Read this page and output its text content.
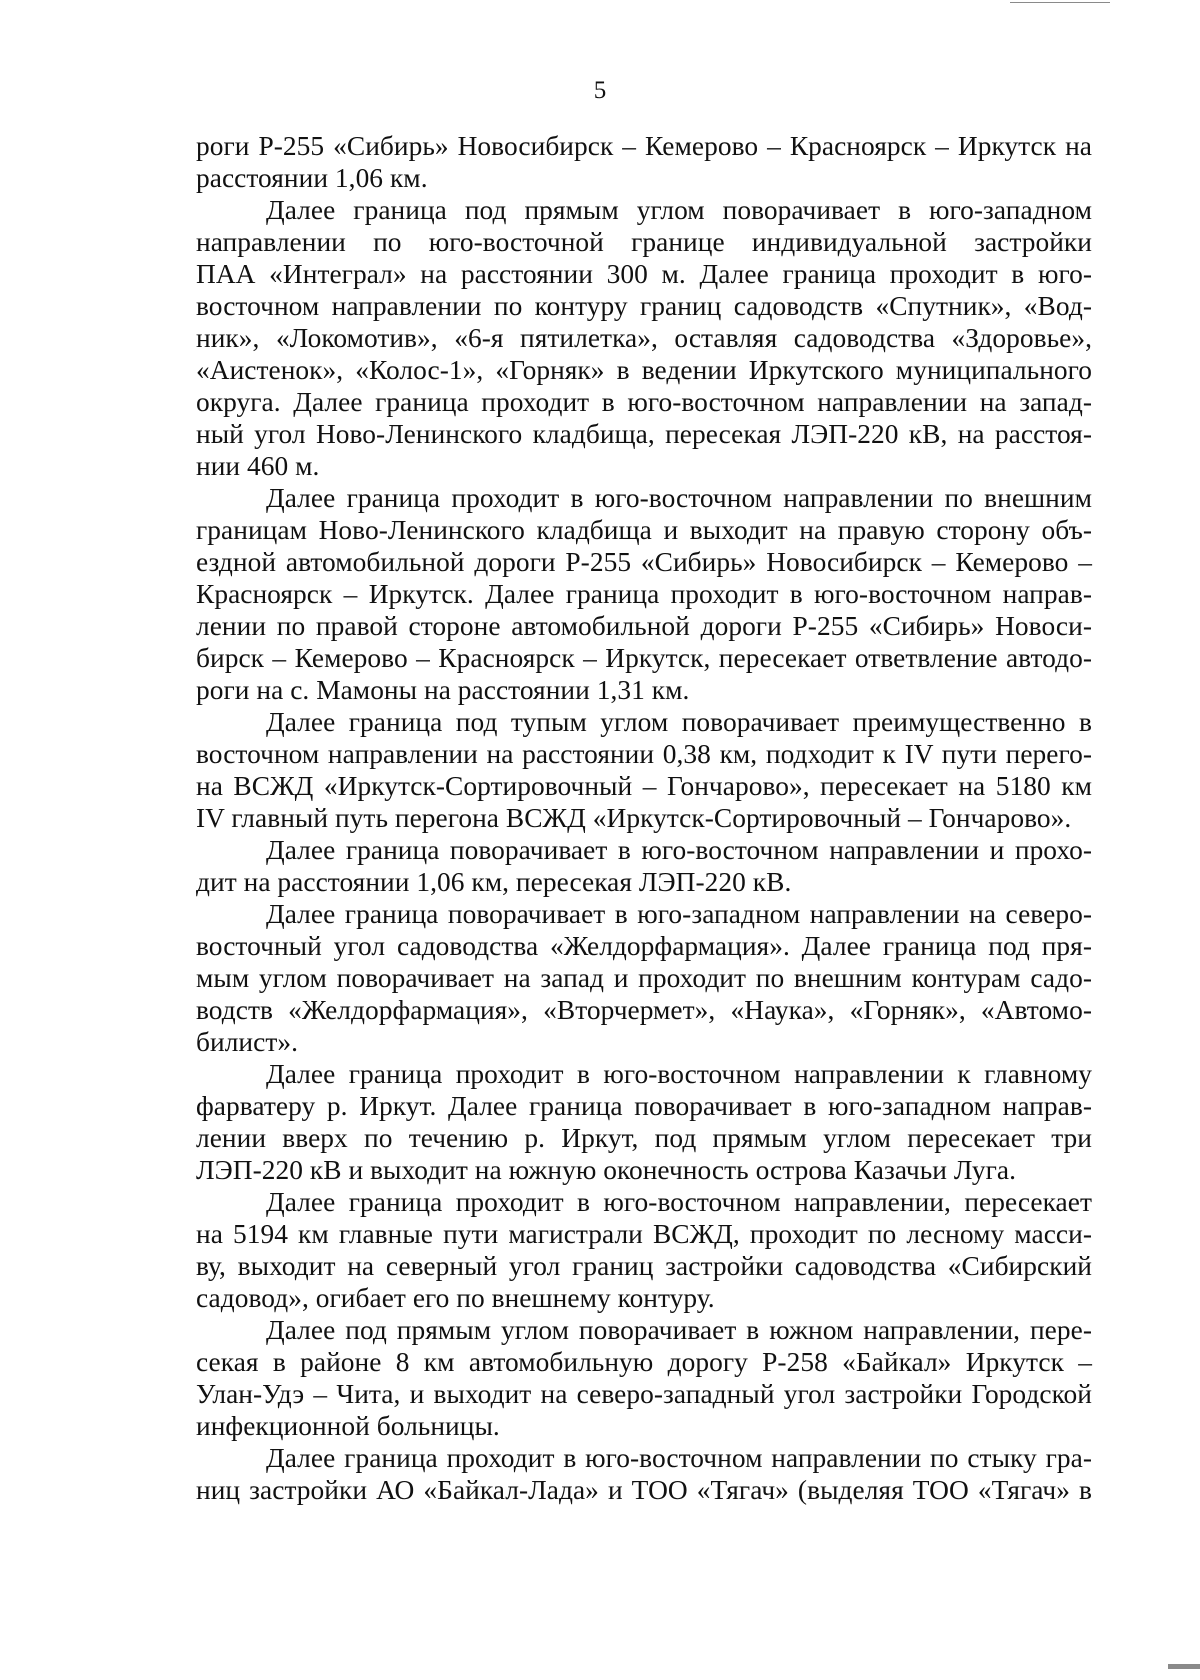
5

роги Р-255 «Сибирь» Новосибирск – Кемерово – Красноярск – Иркутск на
расстоянии 1,06 км.

Далее граница под прямым углом поворачивает в юго-западном
направлении по юго-восточной границе индивидуальной застройки
ПАА «Интеграл» на расстоянии 300 м. Далее граница проходит в юго-
восточном направлении по контуру границ садоводств «Спутник», «Вод-
ник», «Локомотив», «6-я пятилетка», оставляя садоводства «Здоровье»,
«Аистенок», «Колос-1», «Горняк» в ведении Иркутского муниципального
округа. Далее граница проходит в юго-восточном направлении на запад-
ный угол Ново-Ленинского кладбища, пересекая ЛЭП-220 кВ, на расстоя-
нии 460 м.

Далее граница проходит в юго-восточном направлении по внешним
границам Ново-Ленинского кладбища и выходит на правую сторону объ-
ездной автомобильной дороги Р-255 «Сибирь» Новосибирск – Кемерово –
Красноярск – Иркутск. Далее граница проходит в юго-восточном направ-
лении по правой стороне автомобильной дороги Р-255 «Сибирь» Новоси-
бирск – Кемерово – Красноярск – Иркутск, пересекает ответвление автодо-
роги на с. Мамоны на расстоянии 1,31 км.

Далее граница под тупым углом поворачивает преимущественно в
восточном направлении на расстоянии 0,38 км, подходит к IV пути перего-
на ВСЖД «Иркутск-Сортировочный – Гончарово», пересекает на 5180 км
IV главный путь перегона ВСЖД «Иркутск-Сортировочный – Гончарово».

Далее граница поворачивает в юго-восточном направлении и прохо-
дит на расстоянии 1,06 км, пересекая ЛЭП-220 кВ.

Далее граница поворачивает в юго-западном направлении на северо-
восточный угол садоводства «Желдорфармация». Далее граница под пря-
мым углом поворачивает на запад и проходит по внешним контурам садо-
водств «Желдорфармация», «Вторчермет», «Наука», «Горняк», «Автомо-
билист».

Далее граница проходит в юго-восточном направлении к главному
фарватеру р. Иркут. Далее граница поворачивает в юго-западном направ-
лении вверх по течению р. Иркут, под прямым углом пересекает три
ЛЭП-220 кВ и выходит на южную оконечность острова Казачьи Луга.

Далее граница проходит в юго-восточном направлении, пересекает
на 5194 км главные пути магистрали ВСЖД, проходит по лесному масси-
ву, выходит на северный угол границ застройки садоводства «Сибирский
садовод», огибает его по внешнему контуру.

Далее под прямым углом поворачивает в южном направлении, пере-
секая в районе 8 км автомобильную дорогу Р-258 «Байкал» Иркутск –
Улан-Удэ – Чита, и выходит на северо-западный угол застройки Городской
инфекционной больницы.

Далее граница проходит в юго-восточном направлении по стыку гра-
ниц застройки АО «Байкал-Лада» и ТОО «Тягач» (выделяя ТОО «Тягач» в
